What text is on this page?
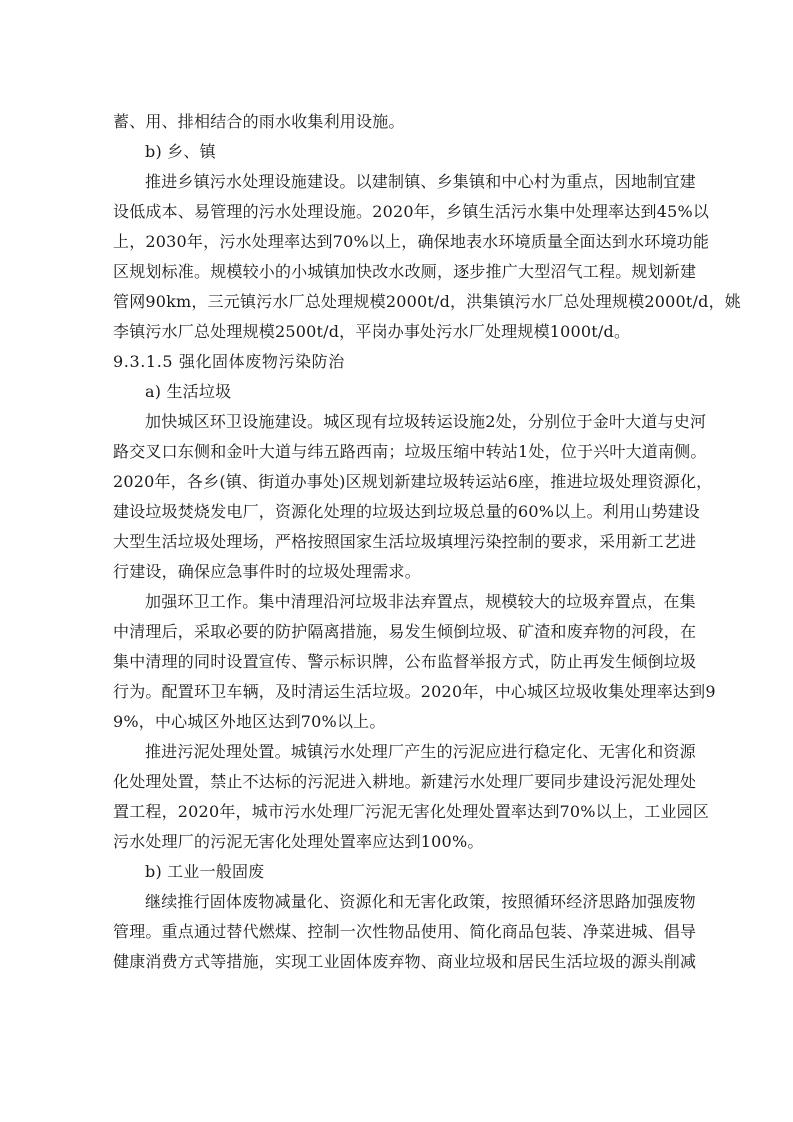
蓄、用、排相结合的雨水收集利用设施。
b) 乡、镇
推进乡镇污水处理设施建设。以建制镇、乡集镇和中心村为重点，因地制宜建
设低成本、易管理的污水处理设施。2020年，乡镇生活污水集中处理率达到45%以
上，2030年，污水处理率达到70%以上，确保地表水环境质量全面达到水环境功能
区规划标准。规模较小的小城镇加快改水改厕，逐步推广大型沼气工程。规划新建
管网90km，三元镇污水厂总处理规模2000t/d，洪集镇污水厂总处理规模2000t/d，姚
李镇污水厂总处理规模2500t/d，平岗办事处污水厂处理规模1000t/d。
9.3.1.5 强化固体废物污染防治
a) 生活垃圾
加快城区环卫设施建设。城区现有垃圾转运设施2处，分别位于金叶大道与史河
路交叉口东侧和金叶大道与纬五路西南；垃圾压缩中转站1处，位于兴叶大道南侧。
2020年，各乡(镇、街道办事处)区规划新建垃圾转运站6座，推进垃圾处理资源化，
建设垃圾焚烧发电厂，资源化处理的垃圾达到垃圾总量的60%以上。利用山势建设
大型生活垃圾处理场，严格按照国家生活垃圾填埋污染控制的要求，采用新工艺进
行建设，确保应急事件时的垃圾处理需求。
加强环卫工作。集中清理沿河垃圾非法弃置点，规模较大的垃圾弃置点，在集
中清理后，采取必要的防护隔离措施，易发生倾倒垃圾、矿渣和废弃物的河段，在
集中清理的同时设置宣传、警示标识牌，公布监督举报方式，防止再发生倾倒垃圾
行为。配置环卫车辆，及时清运生活垃圾。2020年，中心城区垃圾收集处理率达到9
9%，中心城区外地区达到70%以上。
推进污泥处理处置。城镇污水处理厂产生的污泥应进行稳定化、无害化和资源
化处理处置，禁止不达标的污泥进入耕地。新建污水处理厂要同步建设污泥处理处
置工程，2020年，城市污水处理厂污泥无害化处理处置率达到70%以上，工业园区
污水处理厂的污泥无害化处理处置率应达到100%。
b) 工业一般固废
继续推行固体废物减量化、资源化和无害化政策，按照循环经济思路加强废物
管理。重点通过替代燃煤、控制一次性物品使用、简化商品包装、净菜进城、倡导
健康消费方式等措施，实现工业固体废弃物、商业垃圾和居民生活垃圾的源头削减
